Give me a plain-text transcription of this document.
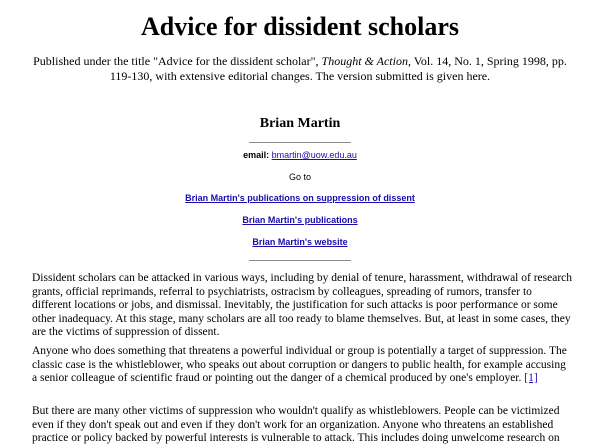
Advice for dissident scholars

Published under the title "Advice for the dissident scholar", Thought & Action, Vol. 14, No. 1, Spring 1998, pp. 119-130, with extensive editorial changes. The version submitted is given here.

Brian Martin
email: bmartin@uow.edu.au
Go to
Brian Martin's publications on suppression of dissent
Brian Martin's publications
Brian Martin's website

Dissident scholars can be attacked in various ways, including by denial of tenure, harassment, withdrawal of research grants, official reprimands, referral to psychiatrists, ostracism by colleagues, spreading of rumors, transfer to different locations or jobs, and dismissal. Inevitably, the justification for such attacks is poor performance or some other inadequacy. At this stage, many scholars are all too ready to blame themselves. But, at least in some cases, they are the victims of suppression of dissent.

Anyone who does something that threatens a powerful individual or group is potentially a target of suppression. The classic case is the whistleblower, who speaks out about corruption or dangers to public health, for example accusing a senior colleague of scientific fraud or pointing out the danger of a chemical produced by one's employer. [1]

But there are many other victims of suppression who wouldn't qualify as whistleblowers. People can be victimized even if they don't speak out and even if they don't work for an organization. Anyone who threatens an established practice or policy backed by powerful interests is vulnerable to attack. This includes doing unwelcome research on
